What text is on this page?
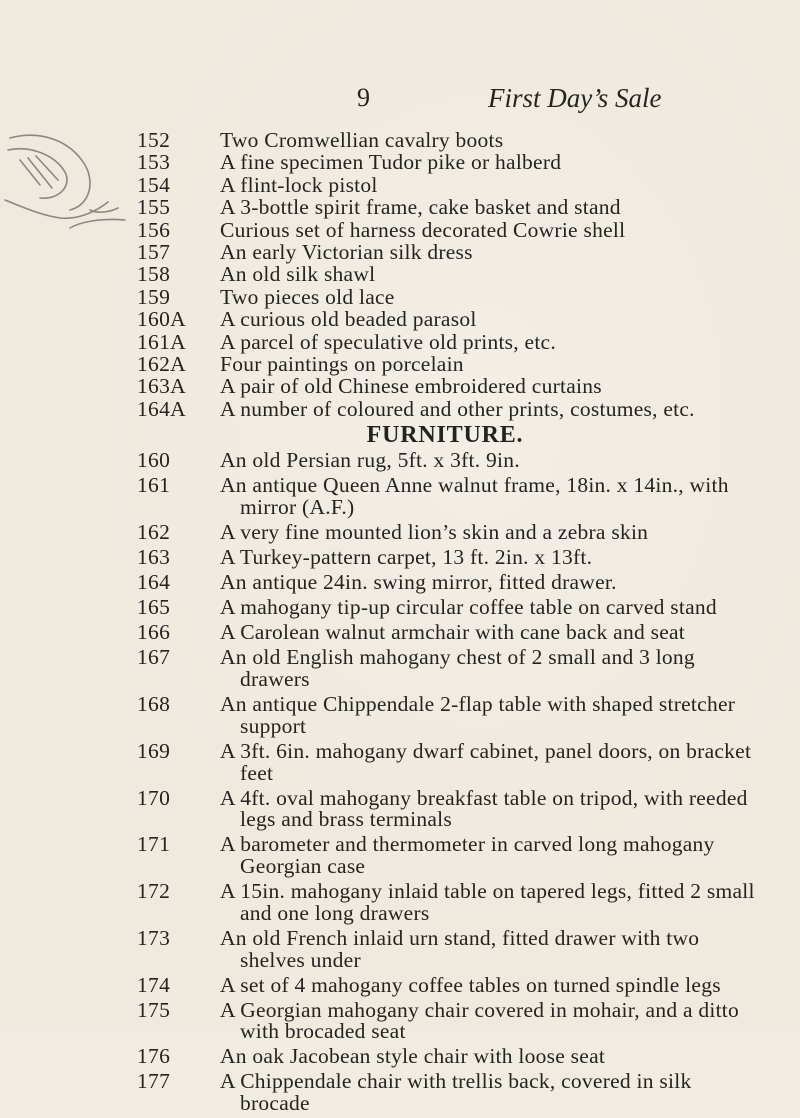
9	First Day’s Sale
152	Two Cromwellian cavalry boots
153	A fine specimen Tudor pike or halberd
154	A flint-lock pistol
155	A 3-bottle spirit frame, cake basket and stand
156	Curious set of harness decorated Cowrie shell
157	An early Victorian silk dress
158	An old silk shawl
159	Two pieces old lace
160A	A curious old beaded parasol
161A	A parcel of speculative old prints, etc.
162A	Four paintings on porcelain
163A	A pair of old Chinese embroidered curtains
164A	A number of coloured and other prints, costumes, etc.
FURNITURE.
160	An old Persian rug, 5ft. x 3ft. 9in.
161	An antique Queen Anne walnut frame, 18in. x 14in., with
mirror (A.F.)
162	A very fine mounted lion’s skin and a zebra skin
163	A Turkey-pattern carpet, 13 ft. 2in. x 13ft.
164	An antique 24in. swing mirror, fitted drawer.
165	A mahogany tip-up circular coffee table on carved stand
166	A Carolean walnut armchair with cane back and seat
167	An old English mahogany chest of 2 small and 3 long
drawers
168	An antique Chippendale 2-flap table with shaped stretcher
support
169	A 3ft. 6in. mahogany dwarf cabinet, panel doors, on bracket
feet
170	A 4ft. oval mahogany breakfast table on tripod, with reeded
legs and brass terminals
171	A barometer and thermometer in carved long mahogany
Georgian case
172	A 15in. mahogany inlaid table on tapered legs, fitted 2 small
and one long drawers
173	An old French inlaid urn stand, fitted drawer with two
shelves under
174	A set of 4 mahogany coffee tables on turned spindle legs
175	A Georgian mahogany chair covered in mohair, and a ditto
with brocaded seat
176	An oak Jacobean style chair with loose seat
177	A Chippendale chair with trellis back, covered in silk
brocade
